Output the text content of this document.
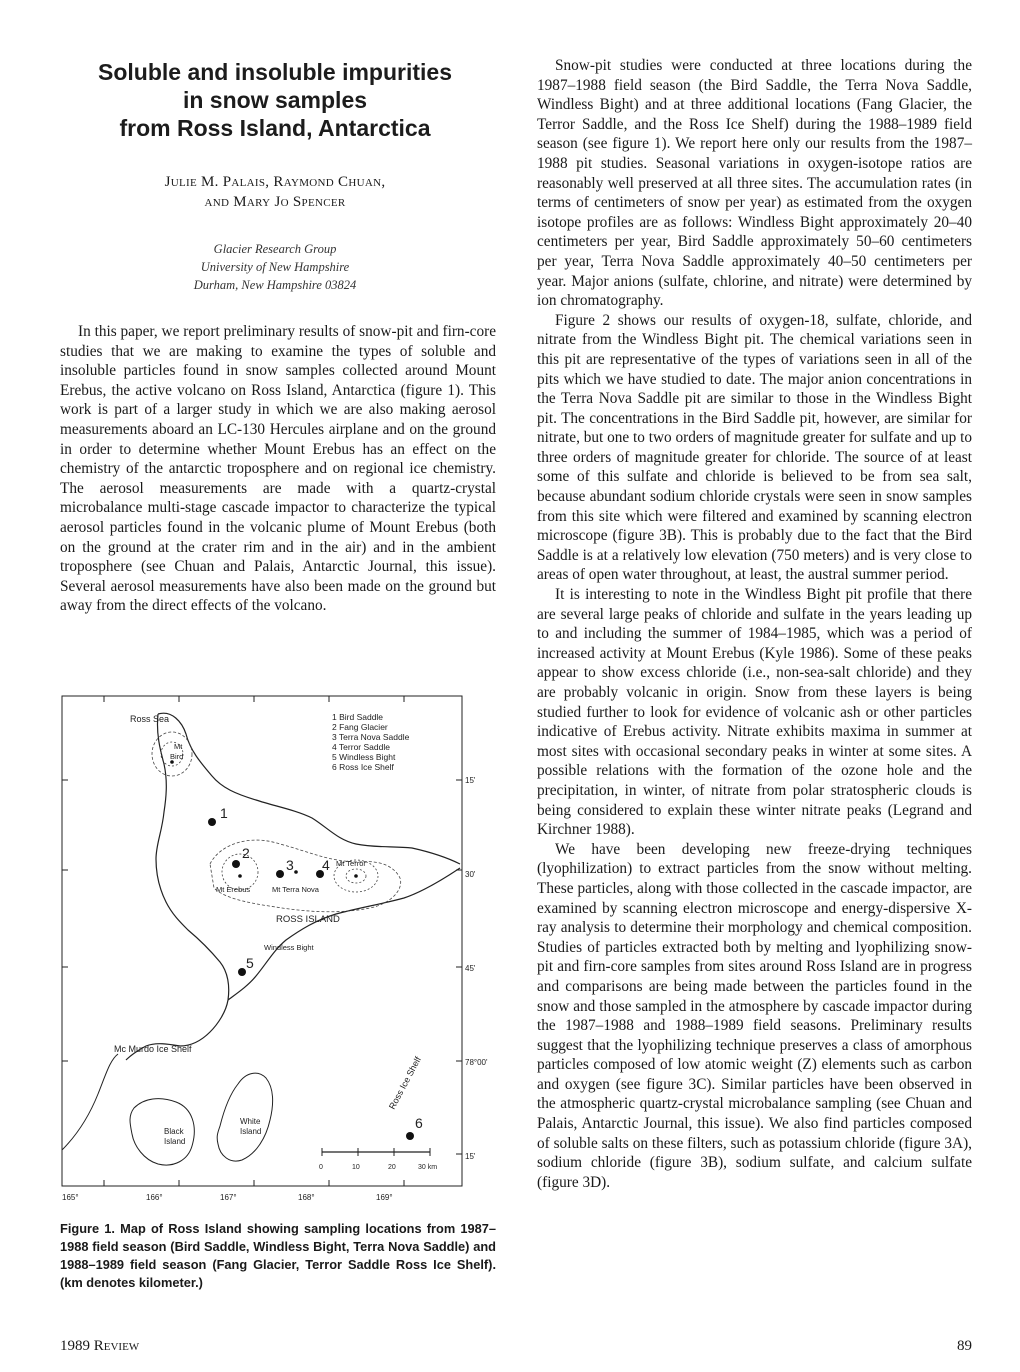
Soluble and insoluble impurities
in snow samples
from Ross Island, Antarctica
Julie M. Palais, Raymond Chuan,
and Mary Jo Spencer
Glacier Research Group
University of New Hampshire
Durham, New Hampshire 03824

In this paper, we report preliminary results of snow-pit and firn-core studies that we are making to examine the types of soluble and insoluble particles found in snow samples collected around Mount Erebus, the active volcano on Ross Island, Antarctica (figure 1). This work is part of a larger study in which we are also making aerosol measurements aboard an LC-130 Hercules airplane and on the ground in order to determine whether Mount Erebus has an effect on the chemistry of the antarctic troposphere and on regional ice chemistry. The aerosol measurements are made with a quartz-crystal microbalance multi-stage cascade impactor to characterize the typical aerosol particles found in the volcanic plume of Mount Erebus (both on the ground at the crater rim and in the air) and in the ambient troposphere (see Chuan and Palais, Antarctic Journal, this issue). Several aerosol measurements have also been made on the ground but away from the direct effects of the volcano.

Snow-pit studies were conducted at three locations during the 1987–1988 field season (the Bird Saddle, the Terra Nova Saddle, Windless Bight) and at three additional locations (Fang Glacier, the Terror Saddle, and the Ross Ice Shelf) during the 1988–1989 field season (see figure 1). We report here only our results from the 1987–1988 pit studies. Seasonal variations in oxygen-isotope ratios are reasonably well preserved at all three sites. The accumulation rates (in terms of centimeters of snow per year) as estimated from the oxygen isotope profiles are as follows: Windless Bight approximately 20–40 centimeters per year, Bird Saddle approximately 50–60 centimeters per year, Terra Nova Saddle approximately 40–50 centimeters per year. Major anions (sulfate, chlorine, and nitrate) were determined by ion chromatography.

Figure 2 shows our results of oxygen-18, sulfate, chloride, and nitrate from the Windless Bight pit. The chemical variations seen in this pit are representative of the types of variations seen in all of the pits which we have studied to date. The major anion concentrations in the Terra Nova Saddle pit are similar to those in the Windless Bight pit. The concentrations in the Bird Saddle pit, however, are similar for nitrate, but one to two orders of magnitude greater for sulfate and up to three orders of magnitude greater for chloride. The source of at least some of this sulfate and chloride is believed to be from sea salt, because abundant sodium chloride crystals were seen in snow samples from this site which were filtered and examined by scanning electron microscope (figure 3B). This is probably due to the fact that the Bird Saddle is at a relatively low elevation (750 meters) and is very close to areas of open water throughout, at least, the austral summer period.

It is interesting to note in the Windless Bight pit profile that there are several large peaks of chloride and sulfate in the years leading up to and including the summer of 1984–1985, which was a period of increased activity at Mount Erebus (Kyle 1986). Some of these peaks appear to show excess chloride (i.e., non-sea-salt chloride) and they are probably volcanic in origin. Snow from these layers is being studied further to look for evidence of volcanic ash or other particles indicative of Erebus activity. Nitrate exhibits maxima in summer at most sites with occasional secondary peaks in winter at some sites. A possible relations with the formation of the ozone hole and the precipitation, in winter, of nitrate from polar stratospheric clouds is being considered to explain these winter nitrate peaks (Legrand and Kirchner 1988).

We have been developing new freeze-drying techniques (lyophilization) to extract particles from the snow without melting. These particles, along with those collected in the cascade impactor, are examined by scanning electron microscope and energy-dispersive X-ray analysis to determine their morphology and chemical composition. Studies of particles extracted both by melting and lyophilizing snow-pit and firn-core samples from sites around Ross Island are in progress and comparisons are being made between the particles found in the snow and those sampled in the atmosphere by cascade impactor during the 1987–1988 and 1988–1989 field seasons. Preliminary results suggest that the lyophilizing technique preserves a class of amorphous particles composed of low atomic weight (Z) elements such as carbon and oxygen (see figure 3C). Similar particles have been observed in the atmospheric quartz-crystal microbalance sampling (see Chuan and Palais, Antarctic Journal, this issue). We also find particles composed of soluble salts on these filters, such as potassium chloride (figure 3A), sodium chloride (figure 3B), sodium sulfate, and calcium sulfate (figure 3D).

165°	166°	167°	168°	169°
15'
30'
45'
78°00'
15'
1
2
3 4
5
6
Ross Sea
Mt
Bird
Mt Erebus	Mt Terra Nova
Mt Terror
ROSS ISLAND
Windless Bight
Mc Murdo Ice Shelf
Black
Island
White
Island
Ross Ice Shelf
1 Bird Saddle
2 Fang Glacier
3 Terra Nova Saddle
4 Terror Saddle
5 Windless Bight
6 Ross Ice Shelf
0	10	20	30 km
Figure 1. Map of Ross Island showing sampling locations from 1987–1988 field season (Bird Saddle, Windless Bight, Terra Nova Saddle) and 1988–1989 field season (Fang Glacier, Terror Saddle Ross Ice Shelf). (km denotes kilometer.)
1989 Review	89
